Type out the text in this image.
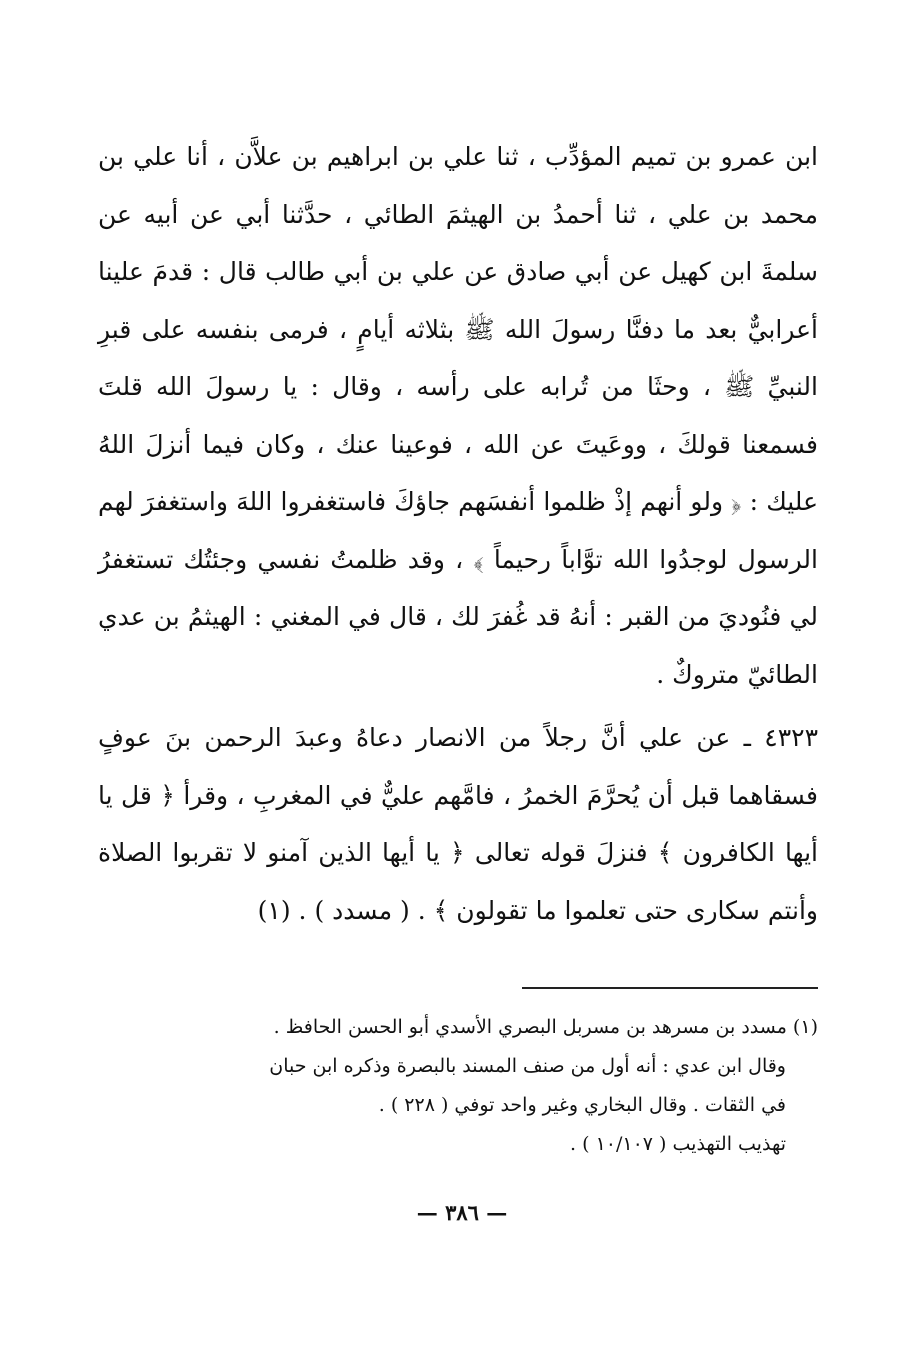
ابن عمرو بن تميم المؤدِّب ، ثنا علي بن ابراهيم بن علاَّن ، أنا علي بن محمد بن علي ، ثنا أحمدُ بن الهيثمَ الطائي ، حدَّثنا أبي عن أبيه عن سلمةَ ابن كهيل عن أبي صادق عن علي بن أبي طالب قال : قدمَ علينا أعرابيٌّ بعد ما دفنَّا رسولَ الله ﷺ بثلاثه أيامٍ ، فرمى بنفسه على قبرِ النبيِّ ﷺ ، وحثَا من تُرابه على رأسه ، وقال : يا رسولَ الله قلتَ فسمعنا قولكَ ، ووعَيتَ عن الله ، فوعينا عنك ، وكان فيما أنزلَ اللهُ عليك : ﴿ ولو أنهم إذْ ظلموا أنفسَهم جاؤكَ فاستغفروا اللهَ واستغفرَ لهم الرسول لوجدُوا الله توَّاباً رحيماً ﴾ ، وقد ظلمتُ نفسي وجئتُك تستغفرُ لي فنُوديَ من القبر : أنهُ قد غُفرَ لك ، قال في المغني : الهيثمُ بن عدي الطائيّ متروكٌ .

٤٣٢٣ ـ عن علي أنَّ رجلاً من الانصار دعاهُ وعبدَ الرحمن بنَ عوفٍ فسقاهما قبل أن يُحرَّمَ الخمرُ ، فامَّهم عليٌّ في المغربِ ، وقرأ ﴿ قل يا أيها الكافرون ﴾ فنزلَ قوله تعالى ﴿ يا أيها الذين آمنو لا تقربوا الصلاة وأنتم سكارى حتى تعلموا ما تقولون ﴾ . ( مسدد ) . (١)

(١) مسدد بن مسرهد بن مسربل البصري الأسدي أبو الحسن الحافظ .

وقال ابن عدي : أنه أول من صنف المسند بالبصرة وذكره ابن حبان

في الثقات . وقال البخاري وغير واحد توفي ( ٢٢٨ ) .

تهذيب التهذيب ( ١٠/١٠٧ ) .

— ٣٨٦ —
